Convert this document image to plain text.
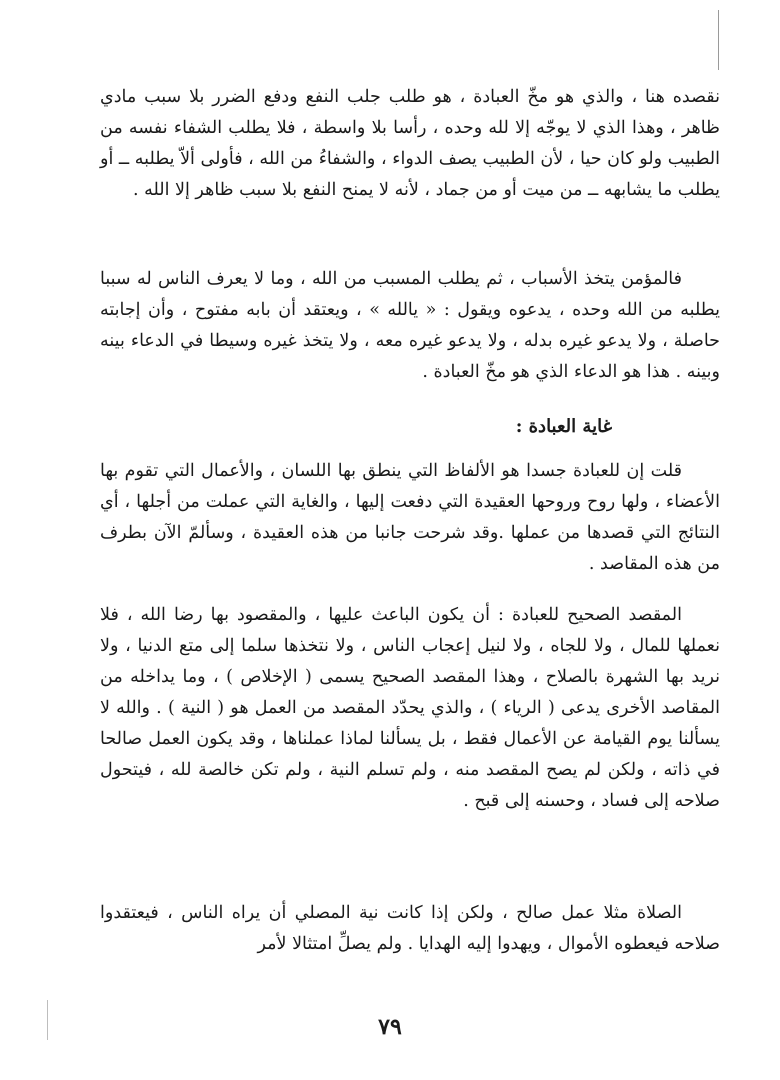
نقصده هنا ، والذي هو مخّ العبادة ، هو طلب جلب النفع ودفع الضرر بلا سبب مادي ظاهر ، وهذا الذي لا يوجّه إلا لله وحده ، رأسا بلا واسطة ، فلا يطلب الشفاء نفسه من الطبيب ولو كان حيا ، لأن الطبيب يصف الدواء ، والشفاءُ من الله ، فأولى ألاّ يطلبه ــ أو يطلب ما يشابهه ــ من ميت أو من جماد ، لأنه لا يمنح النفع بلا سبب ظاهر إلا الله .

فالمؤمن يتخذ الأسباب ، ثم يطلب المسبب من الله ، وما لا يعرف الناس له سببا يطلبه من الله وحده ، يدعوه ويقول : « يالله » ، ويعتقد أن بابه مفتوح ، وأن إجابته حاصلة ، ولا يدعو غيره بدله ، ولا يدعو غيره معه ، ولا يتخذ غيره وسيطا في الدعاء بينه وبينه . هذا هو الدعاء الذي هو مخّ العبادة .

غاية العبادة :

قلت إن للعبادة جسدا هو الألفاظ التي ينطق بها اللسان ، والأعمال التي تقوم بها الأعضاء ، ولها روح وروحها العقيدة التي دفعت إليها ، والغاية التي عملت من أجلها ، أي النتائج التي قصدها من عملها .وقد شرحت جانبا من هذه العقيدة ، وسألمّ الآن بطرف من هذه المقاصد .

المقصد الصحيح للعبادة : أن يكون الباعث عليها ، والمقصود بها رضا الله ، فلا نعملها للمال ، ولا للجاه ، ولا لنيل إعجاب الناس ، ولا نتخذها سلما إلى متع الدنيا ، ولا نريد بها الشهرة بالصلاح ، وهذا المقصد الصحيح يسمى ( الإخلاص ) ، وما يداخله من المقاصد الأخرى يدعى ( الرياء ) ، والذي يحدّد المقصد من العمل هو ( النية ) . والله لا يسألنا يوم القيامة عن الأعمال فقط ، بل يسألنا لماذا عملناها ، وقد يكون العمل صالحا في ذاته ، ولكن لم يصح المقصد منه ، ولم تسلم النية ، ولم تكن خالصة لله ، فيتحول صلاحه إلى فساد ، وحسنه إلى قبح .

الصلاة مثلا عمل صالح ، ولكن إذا كانت نية المصلي أن يراه الناس ، فيعتقدوا صلاحه فيعطوه الأموال ، ويهدوا إليه الهدايا . ولم يصلِّ امتثالا لأمر

٧٩
